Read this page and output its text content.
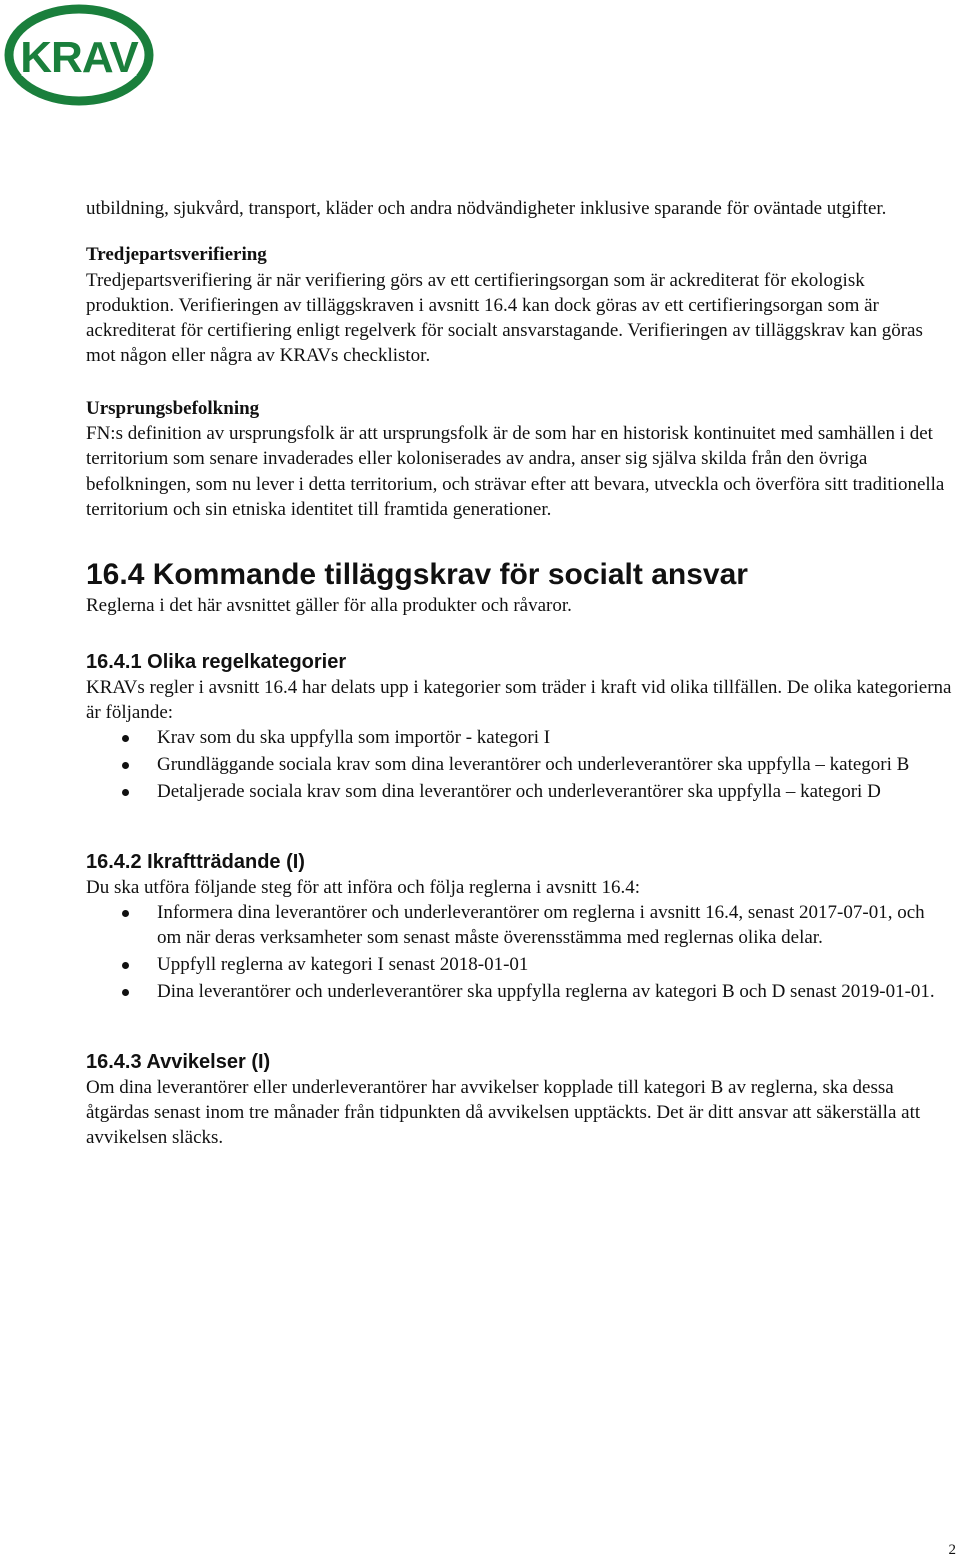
KRAV ®

utbildning, sjukvård, transport, kläder och andra nödvändigheter inklusive sparande för oväntade utgifter.

Tredjepartsverifiering

Tredjepartsverifiering är när verifiering görs av ett certifieringsorgan som är ackrediterat för ekologisk produktion. Verifieringen av tilläggskraven i avsnitt 16.4 kan dock göras av ett certifieringsorgan som är ackrediterat för certifiering enligt regelverk för socialt ansvarstagande. Verifieringen av tilläggskrav kan göras mot någon eller några av KRAVs checklistor.

Ursprungsbefolkning

FN:s definition av ursprungsfolk är att ursprungsfolk är de som har en historisk kontinuitet med samhällen i det territorium som senare invaderades eller koloniserades av andra, anser sig själva skilda från den övriga befolkningen, som nu lever i detta territorium, och strävar efter att bevara, utveckla och överföra sitt traditionella territorium och sin etniska identitet till framtida generationer.

16.4 Kommande tilläggskrav för socialt ansvar

Reglerna i det här avsnittet gäller för alla produkter och råvaror.

16.4.1 Olika regelkategorier

KRAVs regler i avsnitt 16.4 har delats upp i kategorier som träder i kraft vid olika tillfällen. De olika kategorierna är följande:

Krav som du ska uppfylla som importör - kategori I
Grundläggande sociala krav som dina leverantörer och underleverantörer ska uppfylla – kategori B
Detaljerade sociala krav som dina leverantörer och underleverantörer ska uppfylla – kategori D
16.4.2 Ikraftträdande (I)

Du ska utföra följande steg för att införa och följa reglerna i avsnitt 16.4:

Informera dina leverantörer och underleverantörer om reglerna i avsnitt 16.4, senast 2017-07-01, och om när deras verksamheter som senast måste överensstämma med reglernas olika delar.
Uppfyll reglerna av kategori I senast 2018-01-01
Dina leverantörer och underleverantörer ska uppfylla reglerna av kategori B och D senast 2019-01-01.
16.4.3 Avvikelser (I)

Om dina leverantörer eller underleverantörer har avvikelser kopplade till kategori B av reglerna, ska dessa åtgärdas senast inom tre månader från tidpunkten då avvikelsen upptäckts. Det är ditt ansvar att säkerställa att avvikelsen släcks.

2
